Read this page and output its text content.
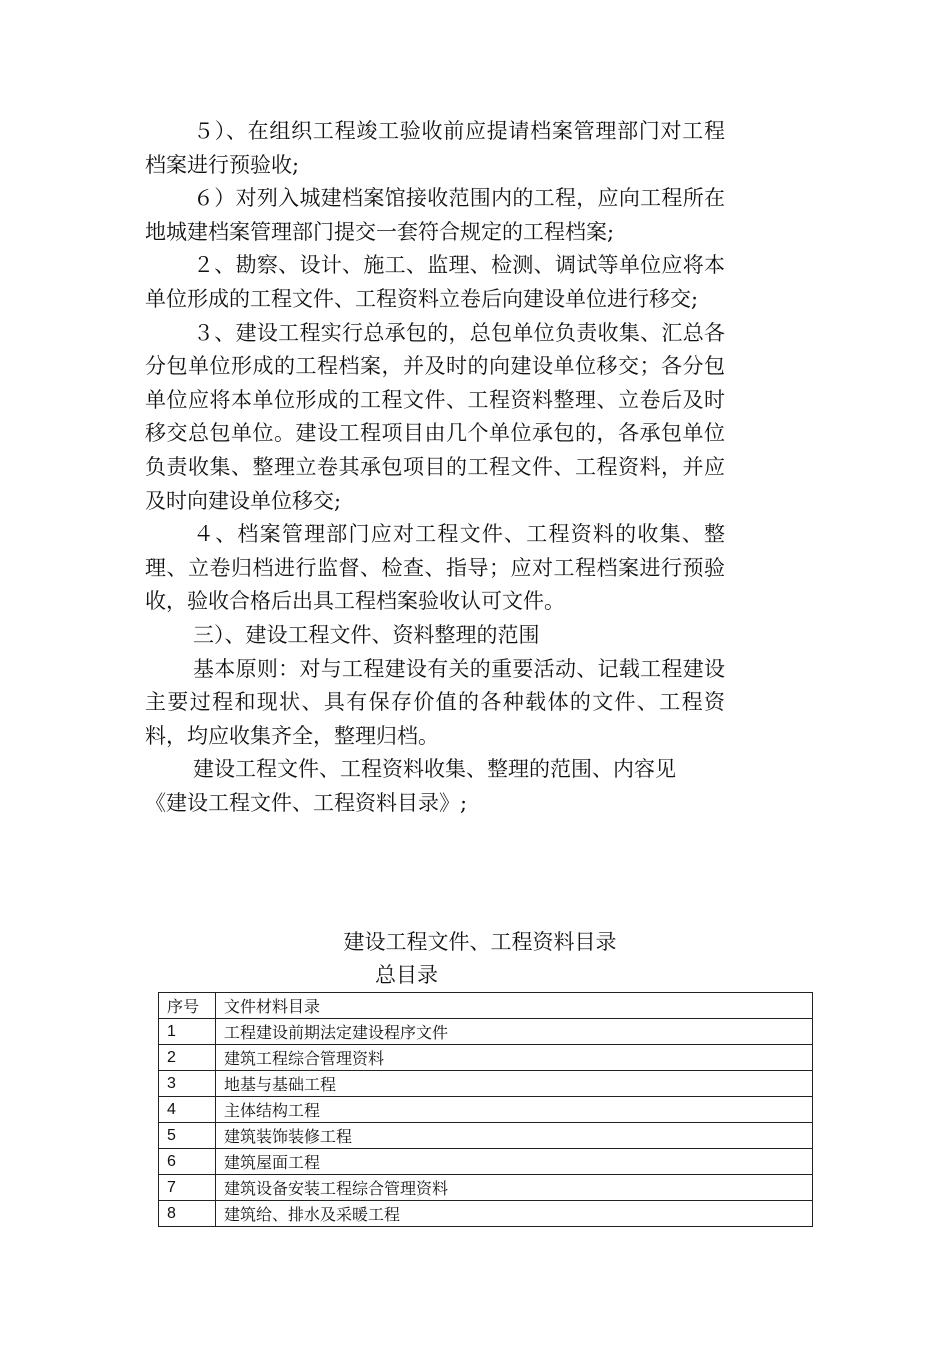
５）、在组织工程竣工验收前应提请档案管理部门对工程档案进行预验收;

６）对列入城建档案馆接收范围内的工程，应向工程所在地城建档案管理部门提交一套符合规定的工程档案;

２、勘察、设计、施工、监理、检测、调试等单位应将本单位形成的工程文件、工程资料立卷后向建设单位进行移交;

３、建设工程实行总承包的，总包单位负责收集、汇总各分包单位形成的工程档案，并及时的向建设单位移交；各分包单位应将本单位形成的工程文件、工程资料整理、立卷后及时移交总包单位。建设工程项目由几个单位承包的，各承包单位负责收集、整理立卷其承包项目的工程文件、工程资料，并应及时向建设单位移交;

４、档案管理部门应对工程文件、工程资料的收集、整理、立卷归档进行监督、检查、指导；应对工程档案进行预验收，验收合格后出具工程档案验收认可文件。

三）、建设工程文件、资料整理的范围

基本原则：对与工程建设有关的重要活动、记载工程建设主要过程和现状、具有保存价值的各种载体的文件、工程资料，均应收集齐全，整理归档。

建设工程文件、工程资料收集、整理的范围、内容见

《建设工程文件、工程资料目录》;

建设工程文件、工程资料目录
总目录
序号	文件材料目录
1	工程建设前期法定建设程序文件
2	建筑工程综合管理资料
3	地基与基础工程
4	主体结构工程
5	建筑装饰装修工程
6	建筑屋面工程
7	建筑设备安装工程综合管理资料
8	建筑给、排水及采暖工程
